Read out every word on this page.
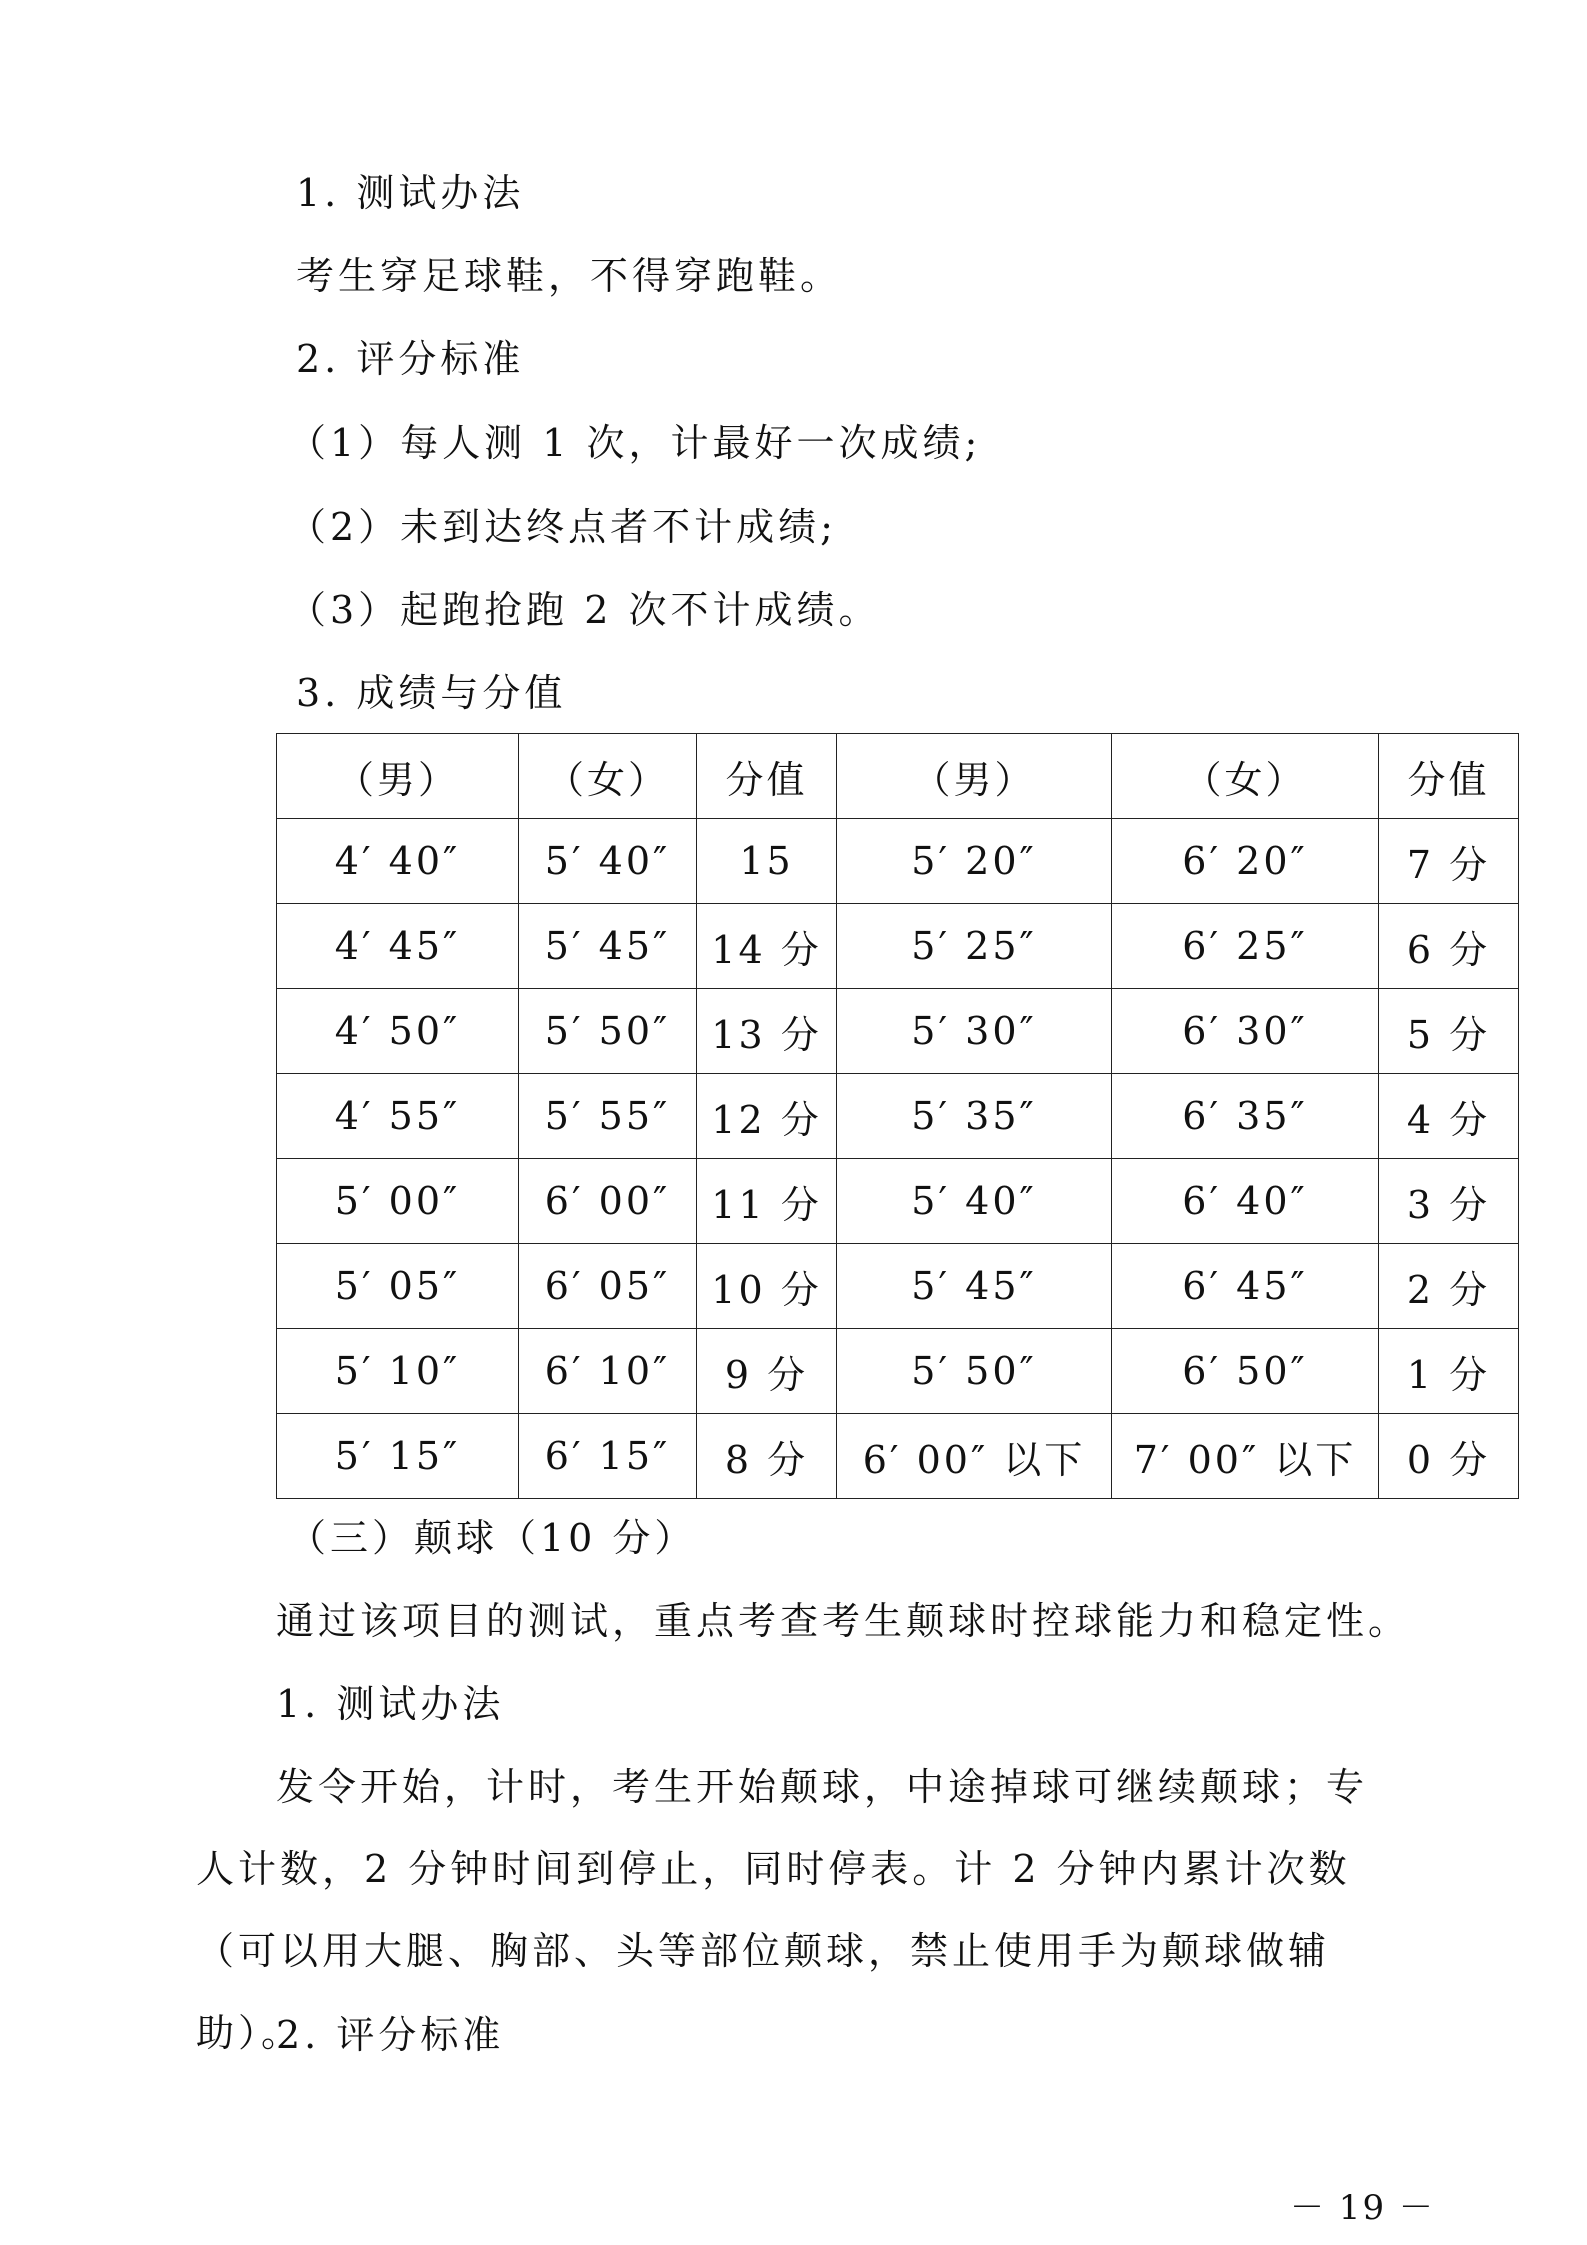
1. 测试办法
考生穿足球鞋，不得穿跑鞋。
2. 评分标准
（1）每人测 1 次，计最好一次成绩;
（2）未到达终点者不计成绩;
（3）起跑抢跑 2 次不计成绩。
3. 成绩与分值
（男）	（女）	分值	（男）	（女）	分值
4′ 40″	5′ 40″	15	5′ 20″	6′ 20″	7 分
4′ 45″	5′ 45″	14 分	5′ 25″	6′ 25″	6 分
4′ 50″	5′ 50″	13 分	5′ 30″	6′ 30″	5 分
4′ 55″	5′ 55″	12 分	5′ 35″	6′ 35″	4 分
5′ 00″	6′ 00″	11 分	5′ 40″	6′ 40″	3 分
5′ 05″	6′ 05″	10 分	5′ 45″	6′ 45″	2 分
5′ 10″	6′ 10″	9 分	5′ 50″	6′ 50″	1 分
5′ 15″	6′ 15″	8 分	6′ 00″ 以下	7′ 00″ 以下	0 分
（三）颠球（10 分）
通过该项目的测试，重点考查考生颠球时控球能力和稳定性。
1. 测试办法
发令开始，计时，考生开始颠球，中途掉球可继续颠球；专人计数，2 分钟时间到停止，同时停表。计 2 分钟内累计次数（可以用大腿、胸部、头等部位颠球，禁止使用手为颠球做辅助）。
2. 评分标准
－ 19 －
